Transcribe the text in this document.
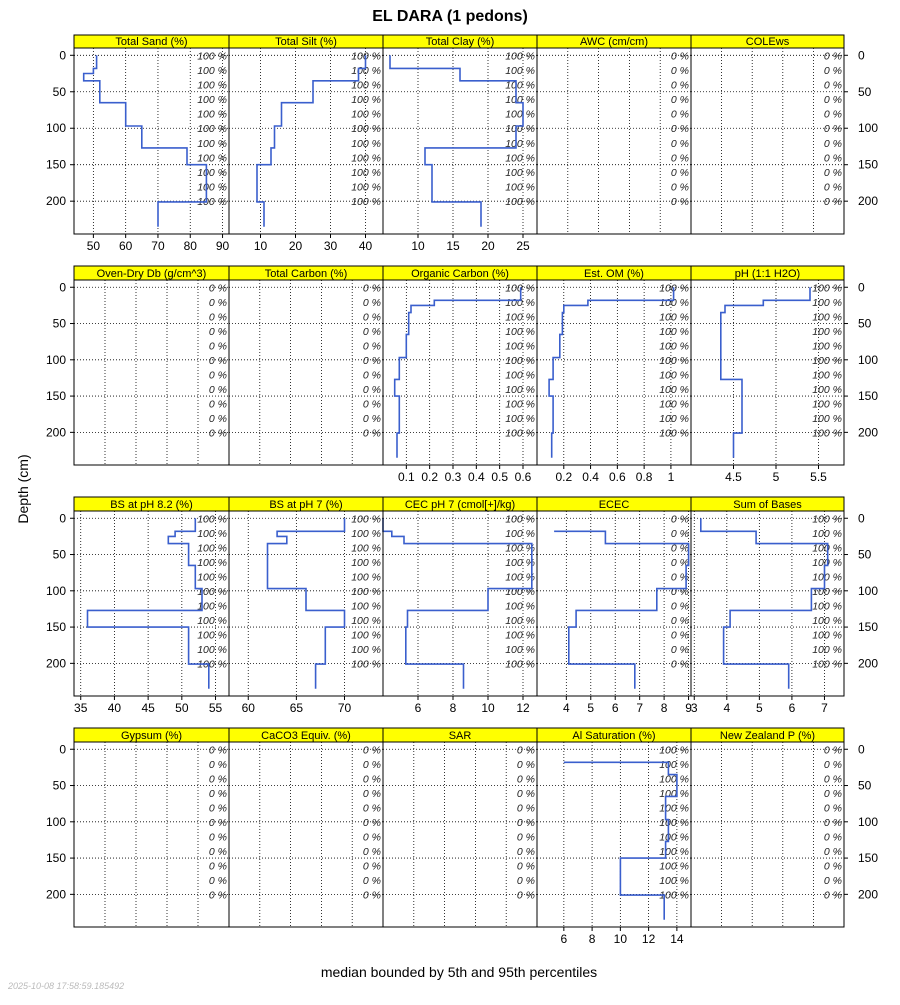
EL DARA (1 pedons)
Depth (cm)
median bounded by 5th and 95th percentiles
2025-10-08 17:58:59.185492
Total Sand (%)
100 %
100 %
100 %
100 %
100 %
100 %
100 %
100 %
100 %
100 %
100 %
50 60 70 80 90
0
50
100
150
200
Total Silt (%)
100 %
100 %
100 %
100 %
100 %
100 %
100 %
100 %
100 %
100 %
100 %
10 20 30 40
Total Clay (%)
100 %
100 %
100 %
100 %
100 %
100 %
100 %
100 %
100 %
100 %
100 %
10 15 20 25
AWC (cm/cm)
0 %
0 %
0 %
0 %
0 %
0 %
0 %
0 %
0 %
0 %
0 %
COLEws
0 %
0 %
0 %
0 %
0 %
0 %
0 %
0 %
0 %
0 %
0 %
0
50
100
150
200
Oven-Dry Db (g/cm^3)
0 %
0 %
0 %
0 %
0 %
0 %
0 %
0 %
0 %
0 %
0 %
0
50
100
150
200
Total Carbon (%)
0 %
0 %
0 %
0 %
0 %
0 %
0 %
0 %
0 %
0 %
0 %
Organic Carbon (%)
100 %
100 %
100 %
100 %
100 %
100 %
100 %
100 %
100 %
100 %
100 %
0.1 0.2 0.3 0.4 0.5 0.6
Est. OM (%)
100 %
100 %
100 %
100 %
100 %
100 %
100 %
100 %
100 %
100 %
100 %
0.2 0.4 0.6 0.8 1
pH (1:1 H2O)
100 %
100 %
100 %
100 %
100 %
100 %
100 %
100 %
100 %
100 %
100 %
4.5	5	5.5
0
50
100
150
200
BS at pH 8.2 (%)
100 %
100 %
100 %
100 %
100 %
100 %
100 %
100 %
100 %
100 %
100 %
35 40 45 50 55
0
50
100
150
200
BS at pH 7 (%)
100 %
100 %
100 %
100 %
100 %
100 %
100 %
100 %
100 %
100 %
100 %
60	65	70
CEC pH 7 (cmol[+]/kg)
100 %
100 %
100 %
100 %
100 %
100 %
100 %
100 %
100 %
100 %
100 %
6 8 10 12
ECEC
0 %
0 %
0 %
0 %
0 %
0 %
0 %
0 %
0 %
0 %
0 %
4 5 6 7 8 9
Sum of Bases
100 %
100 %
100 %
100 %
100 %
100 %
100 %
100 %
100 %
100 %
100 %
3 4 5 6 7
0
50
100
150
200
Gypsum (%)
0 %
0 %
0 %
0 %
0 %
0 %
0 %
0 %
0 %
0 %
0 %
0
50
100
150
200
CaCO3 Equiv. (%)
0 %
0 %
0 %
0 %
0 %
0 %
0 %
0 %
0 %
0 %
0 %
SAR
0 %
0 %
0 %
0 %
0 %
0 %
0 %
0 %
0 %
0 %
0 %
Al Saturation (%)
100 %
100 %
100 %
100 %
100 %
100 %
100 %
100 %
100 %
100 %
100 %
6 8 10 12 14
New Zealand P (%)
0 %
0 %
0 %
0 %
0 %
0 %
0 %
0 %
0 %
0 %
0 %
0
50
100
150
200
